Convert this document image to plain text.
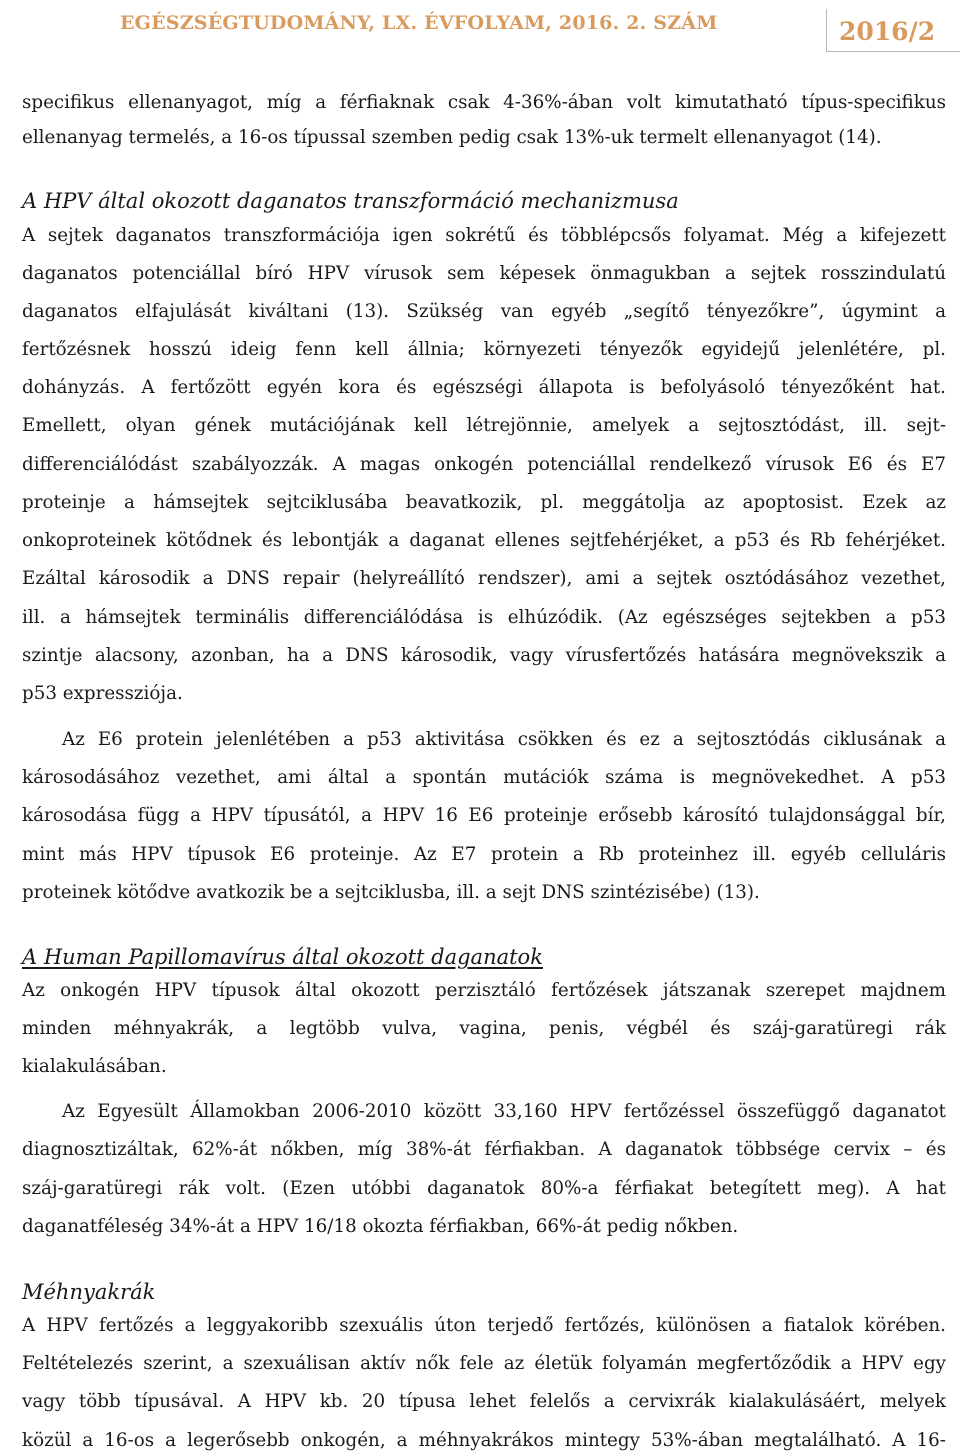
EGÉSZSÉGTUDOMÁNY, LX. ÉVFOLYAM, 2016. 2. SZÁM	2016/2
specifikus ellenanyagot, míg a férfiaknak csak 4-36%-ában volt kimutatható típus-specifikus
ellenanyag termelés, a 16-os típussal szemben pedig csak 13%-uk termelt ellenanyagot (14).
A HPV által okozott daganatos transzformáció mechanizmusa
A sejtek daganatos transzformációja igen sokrétű és többlépcsős folyamat. Még a kifejezett
daganatos potenciállal bíró HPV vírusok sem képesek önmagukban a sejtek rosszindulatú
daganatos elfajulását kiváltani (13). Szükség van egyéb „segítő tényezőkre”, úgymint a
fertőzésnek hosszú ideig fenn kell állnia; környezeti tényezők egyidejű jelenlétére, pl.
dohányzás. A fertőzött egyén kora és egészségi állapota is befolyásoló tényezőként hat.
Emellett, olyan gének mutációjának kell létrejönnie, amelyek a sejtosztódást, ill. sejt-
differenciálódást szabályozzák. A magas onkogén potenciállal rendelkező vírusok E6 és E7
proteinje a hámsejtek sejtciklusába beavatkozik, pl. meggátolja az apoptosist. Ezek az
onkoproteinek kötődnek és lebontják a daganat ellenes sejtfehérjéket, a p53 és Rb fehérjéket.
Ezáltal károsodik a DNS repair (helyreállító rendszer), ami a sejtek osztódásához vezethet,
ill. a hámsejtek terminális differenciálódása is elhúzódik. (Az egészséges sejtekben a p53
szintje alacsony, azonban, ha a DNS károsodik, vagy vírusfertőzés hatására megnövekszik a
p53 expressziója.
Az E6 protein jelenlétében a p53 aktivitása csökken és ez a sejtosztódás ciklusának a
károsodásához vezethet, ami által a spontán mutációk száma is megnövekedhet. A p53
károsodása függ a HPV típusától, a HPV 16 E6 proteinje erősebb károsító tulajdonsággal bír,
mint más HPV típusok E6 proteinje. Az E7 protein a Rb proteinhez ill. egyéb celluláris
proteinek kötődve avatkozik be a sejtciklusba, ill. a sejt DNS szintézisébe) (13).
A Human Papillomavírus által okozott daganatok
Az onkogén HPV típusok által okozott perzisztáló fertőzések játszanak szerepet majdnem
minden méhnyakrák, a legtöbb vulva, vagina, penis, végbél és száj-garatüregi rák
kialakulásában.
Az Egyesült Államokban 2006-2010 között 33,160 HPV fertőzéssel összefüggő daganatot
diagnosztizáltak, 62%-át nőkben, míg 38%-át férfiakban. A daganatok többsége cervix – és
száj-garatüregi rák volt. (Ezen utóbbi daganatok 80%-a férfiakat betegített meg). A hat
daganatféleség 34%-át a HPV 16/18 okozta férfiakban, 66%-át pedig nőkben.
Méhnyakrák
A HPV fertőzés a leggyakoribb szexuális úton terjedő fertőzés, különösen a fiatalok körében.
Feltételezés szerint, a szexuálisan aktív nők fele az életük folyamán megfertőződik a HPV egy
vagy több típusával. A HPV kb. 20 típusa lehet felelős a cervixrák kialakulásáért, melyek
közül a 16-os a legerősebb onkogén, a méhnyakrákos mintegy 53%-ában megtalálható. A 16-
